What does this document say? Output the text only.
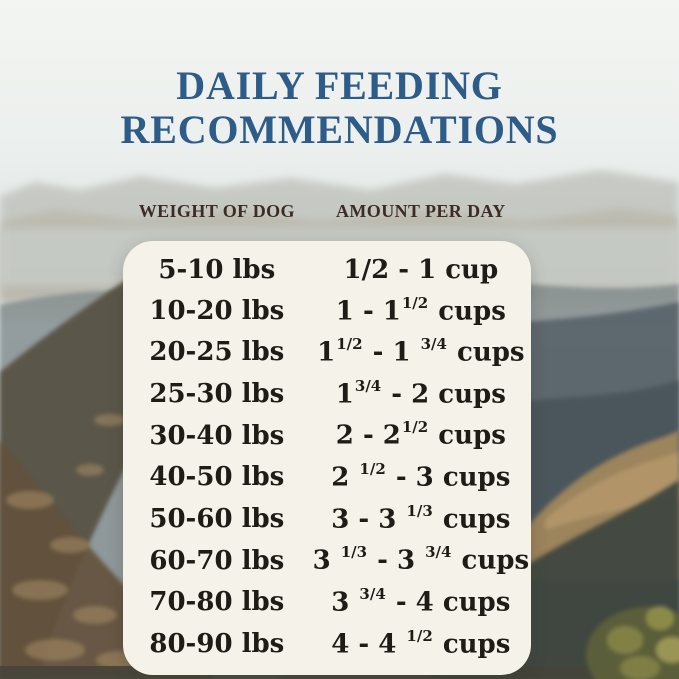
DAILY FEEDING
RECOMMENDATIONS
WEIGHT OF DOG	AMOUNT PER DAY
5-10 lbs	1/2 - 1 cup
10-20 lbs	$1 - 1^{1/2}$ cups
20-25 lbs	$1^{1/2} - 1$ $^{3/4}$ cups
25-30 lbs	$1^{3/4} - 2$ cups
30-40 lbs	$2 - 2^{1/2}$ cups
40-50 lbs	2 $^{1/2}$ - 3 cups
50-60 lbs	3 - 3 $^{1/3}$ cups
60-70 lbs	3 $^{1/3}$ - 3 $^{3/4}$ cups
70-80 lbs	3 $^{3/4}$ - 4 cups
80-90 lbs	4 - 4 $^{1/2}$ cups
